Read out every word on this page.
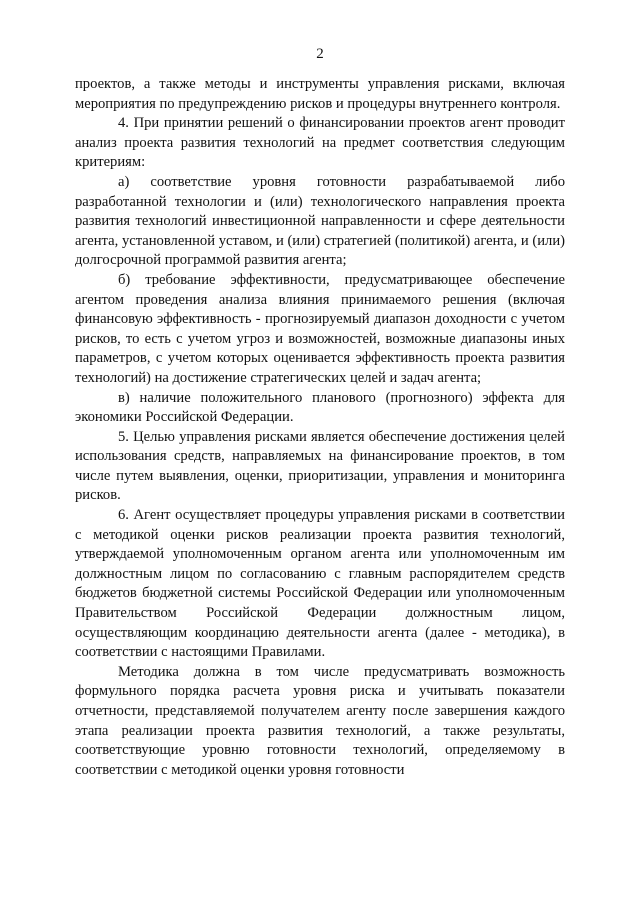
2

проектов, а также методы и инструменты управления рисками, включая мероприятия по предупреждению рисков и процедуры внутреннего контроля.

4. При принятии решений о финансировании проектов агент проводит анализ проекта развития технологий на предмет соответствия следующим критериям:

а) соответствие уровня готовности разрабатываемой либо разработанной технологии и (или) технологического направления проекта развития технологий инвестиционной направленности и сфере деятельности агента, установленной уставом, и (или) стратегией (политикой) агента, и (или) долгосрочной программой развития агента;

б) требование эффективности, предусматривающее обеспечение агентом проведения анализа влияния принимаемого решения (включая финансовую эффективность - прогнозируемый диапазон доходности с учетом рисков, то есть с учетом угроз и возможностей, возможные диапазоны иных параметров, с учетом которых оценивается эффективность проекта развития технологий) на достижение стратегических целей и задач агента;

в) наличие положительного планового (прогнозного) эффекта для экономики Российской Федерации.

5. Целью управления рисками является обеспечение достижения целей использования средств, направляемых на финансирование проектов, в том числе путем выявления, оценки, приоритизации, управления и мониторинга рисков.

6. Агент осуществляет процедуры управления рисками в соответствии с методикой оценки рисков реализации проекта развития технологий, утверждаемой уполномоченным органом агента или уполномоченным им должностным лицом по согласованию с главным распорядителем средств бюджетов бюджетной системы Российской Федерации или уполномоченным Правительством Российской Федерации должностным лицом, осуществляющим координацию деятельности агента (далее - методика), в соответствии с настоящими Правилами.

Методика должна в том числе предусматривать возможность формульного порядка расчета уровня риска и учитывать показатели отчетности, представляемой получателем агенту после завершения каждого этапа реализации проекта развития технологий, а также результаты, соответствующие уровню готовности технологий, определяемому в соответствии с методикой оценки уровня готовности
